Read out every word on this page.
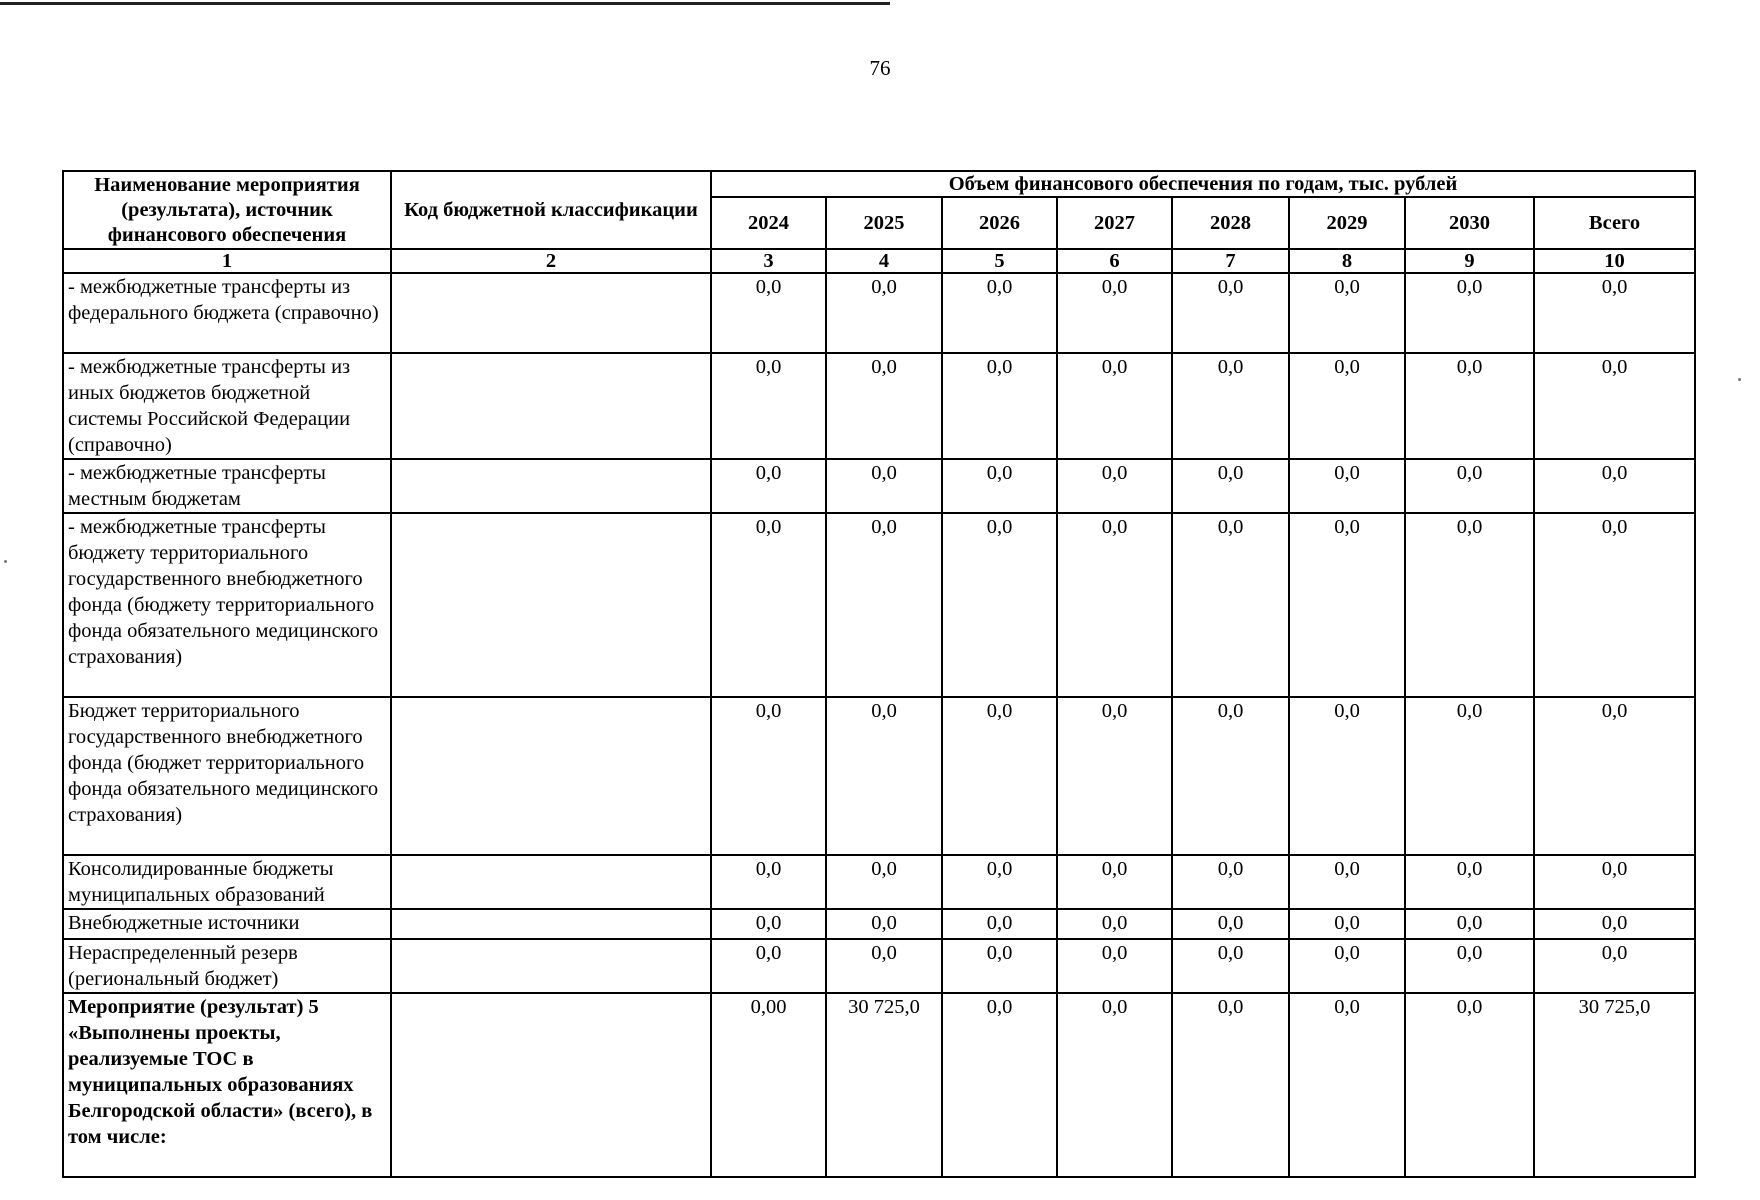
76
Наименование мероприятия (результата), источник финансового обеспечения	Код бюджетной классификации	Объем финансового обеспечения по годам, тыс. рублей							
		2024	2025	2026	2027	2028	2029	2030	Всего
1	2	3	4	5	6	7	8	9	10
- межбюджетные трансферты из федерального бюджета (справочно)		0,0	0,0	0,0	0,0	0,0	0,0	0,0	0,0
- межбюджетные трансферты из иных бюджетов бюджетной системы Российской Федерации (справочно)		0,0	0,0	0,0	0,0	0,0	0,0	0,0	0,0
- межбюджетные трансферты местным бюджетам		0,0	0,0	0,0	0,0	0,0	0,0	0,0	0,0
- межбюджетные трансферты бюджету территориального государственного внебюджетного фонда (бюджету территориального фонда обязательного медицинского страхования)		0,0	0,0	0,0	0,0	0,0	0,0	0,0	0,0
Бюджет территориального государственного внебюджетного фонда (бюджет территориального фонда обязательного медицинского страхования)		0,0	0,0	0,0	0,0	0,0	0,0	0,0	0,0
Консолидированные бюджеты муниципальных образований		0,0	0,0	0,0	0,0	0,0	0,0	0,0	0,0
Внебюджетные источники		0,0	0,0	0,0	0,0	0,0	0,0	0,0	0,0
Нераспределенный резерв (региональный бюджет)		0,0	0,0	0,0	0,0	0,0	0,0	0,0	0,0
Мероприятие (результат) 5 «Выполнены проекты, реализуемые ТОС в муниципальных образованиях Белгородской области» (всего), в том числе:		0,00	30 725,0	0,0	0,0	0,0	0,0	0,0	30 725,0
